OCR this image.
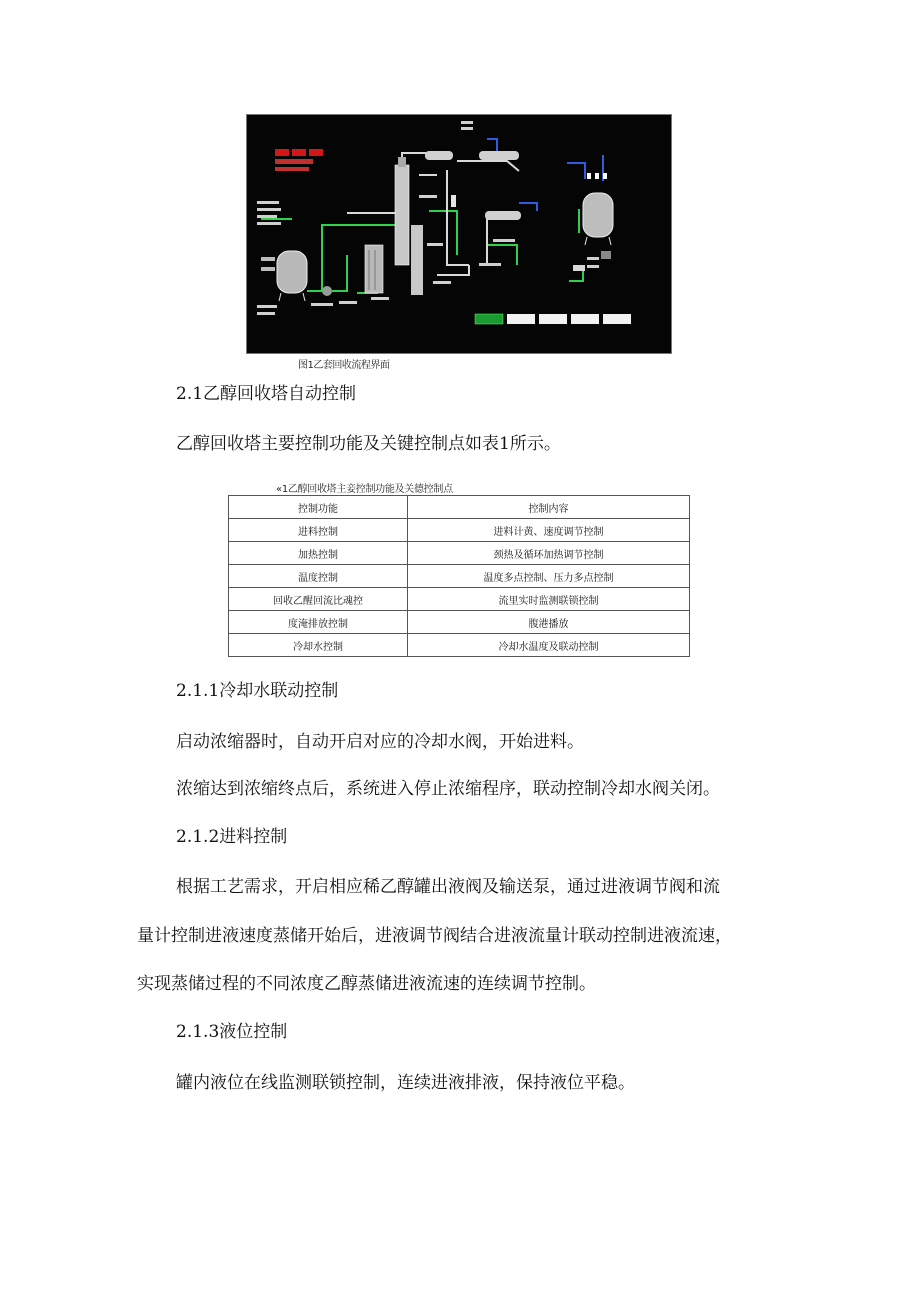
图1乙套回收流程界面
2.1乙醇回收塔自动控制
乙醇回收塔主要控制功能及关键控制点如表1所示。
«1乙醇回收塔主妾控制功能及关德控制点
控制功能	控制内容
进料控制	进料计黄、速度调节控制
加热控制	颈热及循环加热调节控制
温度控制	温度多点控制、压力多点控制
回收乙醒回流比魂控	流里实时监测联锁控制
度淹排放控制	腹港播放
冷却水控制	冷却水温度及联动控制
2.1.1冷却水联动控制
启动浓缩器时，自动开启对应的冷却水阀，开始进料。
浓缩达到浓缩终点后，系统进入停止浓缩程序，联动控制冷却水阀关闭。
2.1.2进料控制
根据工艺需求，开启相应稀乙醇罐出液阀及输送泵，通过进液调节阀和流
量计控制进液速度蒸储开始后，进液调节阀结合进液流量计联动控制进液流速，
实现蒸储过程的不同浓度乙醇蒸储进液流速的连续调节控制。
2.1.3液位控制
罐内液位在线监测联锁控制，连续进液排液，保持液位平稳。
